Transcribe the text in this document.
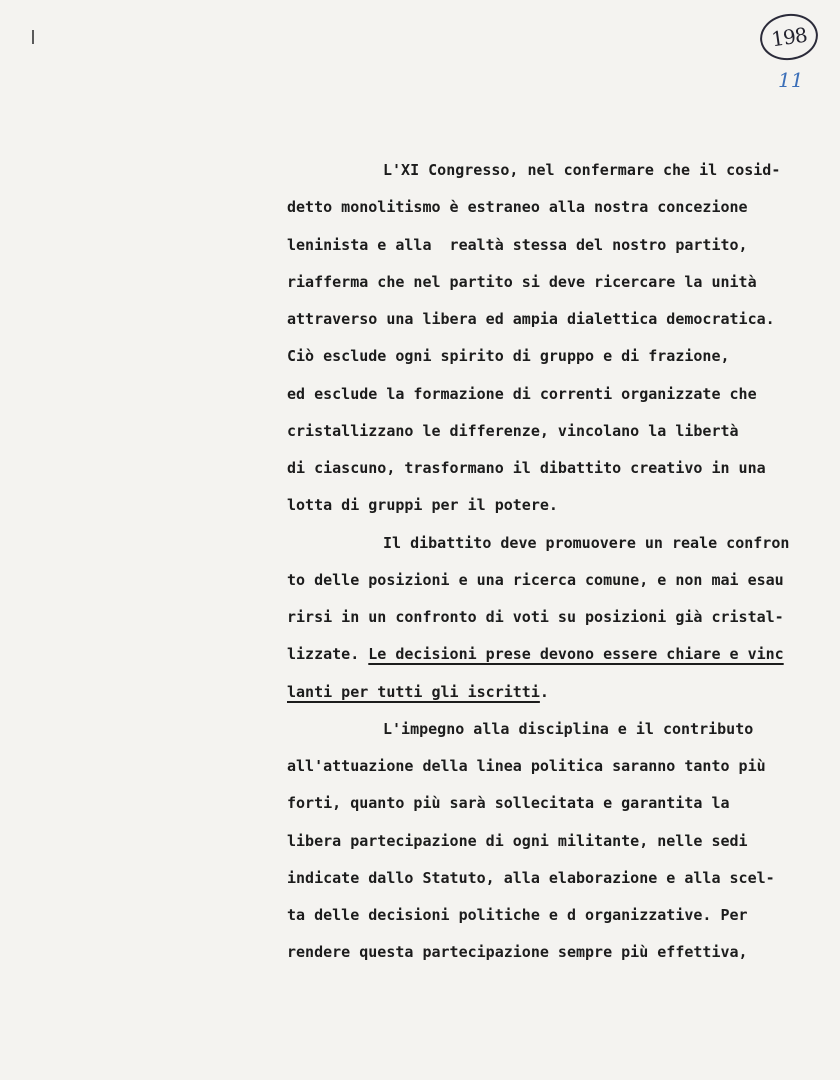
198
11
L'XI Congresso, nel confermare che il cosid-
detto monolitismo è estraneo alla nostra concezione
leninista e alla  realtà stessa del nostro partito,
riafferma che nel partito si deve ricercare la unità
attraverso una libera ed ampia dialettica democratica.
Ciò esclude ogni spirito di gruppo e di frazione,
ed esclude la formazione di correnti organizzate che
cristallizzano le differenze, vincolano la libertà
di ciascuno, trasformano il dibattito creativo in una
lotta di gruppi per il potere.
Il dibattito deve promuovere un reale confron
to delle posizioni e una ricerca comune, e non mai esau
rirsi in un confronto di voti su posizioni già cristal-
lizzate. Le decisioni prese devono essere chiare e vinc
lanti per tutti gli iscritti.
L'impegno alla disciplina e il contributo
all'attuazione della linea politica saranno tanto più
forti, quanto più sarà sollecitata e garantita la
libera partecipazione di ogni militante, nelle sedi
indicate dallo Statuto, alla elaborazione e alla scel-
ta delle decisioni politiche e d organizzative. Per
rendere questa partecipazione sempre più effettiva,
